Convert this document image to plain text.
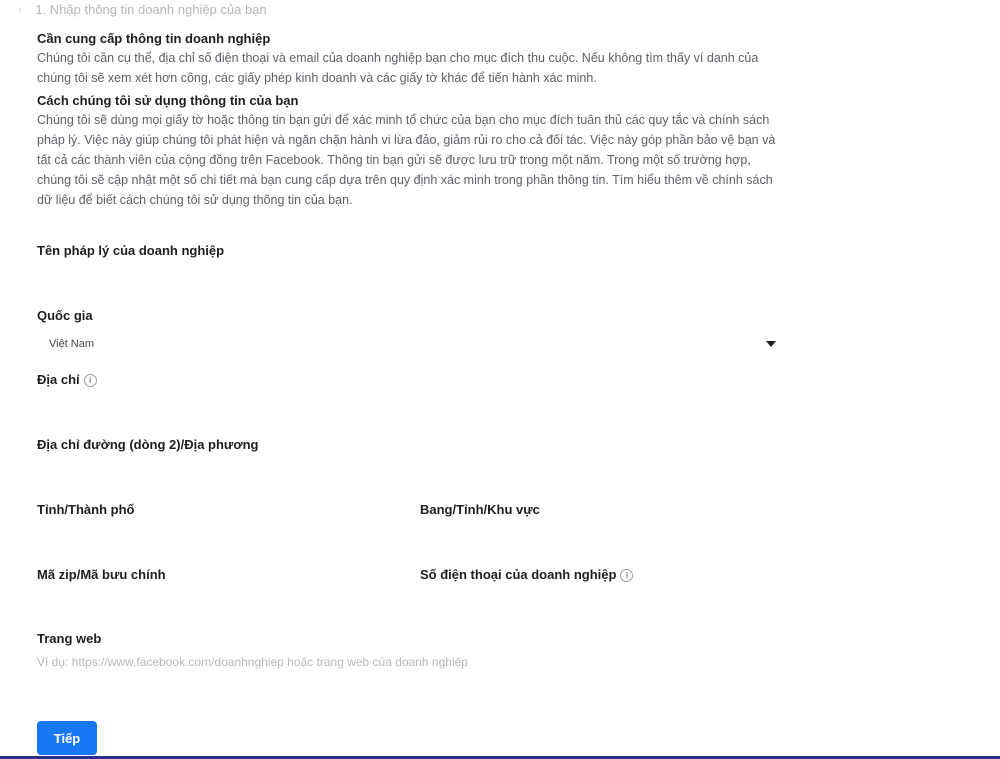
› 1. Nhập thông tin doanh nghiệp của bạn
Cần cung cấp thông tin doanh nghiệp

Chúng tôi cần cụ thể, địa chỉ số điện thoại và email của doanh nghiệp bạn cho mục đích thu cuộc. Nếu không tìm thấy ví danh của chúng tôi sẽ xem xét hơn công, các giấy phép kinh doanh và các giấy tờ khác để tiến hành xác minh.

Cách chúng tôi sử dụng thông tin của bạn

Chúng tôi sẽ dùng mọi giấy tờ hoặc thông tin bạn gửi để xác minh tổ chức của bạn cho mục đích tuân thủ các quy tắc và chính sách pháp lý. Việc này giúp chúng tôi phát hiện và ngăn chặn hành vi lừa đảo, giảm rủi ro cho cả đối tác. Việc này góp phần bảo vệ bạn và tất cả các thành viên của cộng đồng trên Facebook. Thông tin bạn gửi sẽ được lưu trữ trong một năm. Trong một số trường hợp, chúng tôi sẽ cập nhật một số chi tiết mà bạn cung cấp dựa trên quy định xác minh trong phần thông tin. Tìm hiểu thêm về chính sách dữ liệu để biết cách chúng tôi sử dụng thông tin của bạn.

Tên pháp lý của doanh nghiệp
Quốc gia
Việt Nam
Địa chỉ i
Địa chỉ đường (dòng 2)/Địa phương
Tỉnh/Thành phố	Bang/Tỉnh/Khu vực
Mã zip/Mã bưu chính	Số điện thoại của doanh nghiệp i
Trang web
Ví dụ: https://www.facebook.com/doanhnghiep hoặc trang web của doanh nghiệp
Tiếp
